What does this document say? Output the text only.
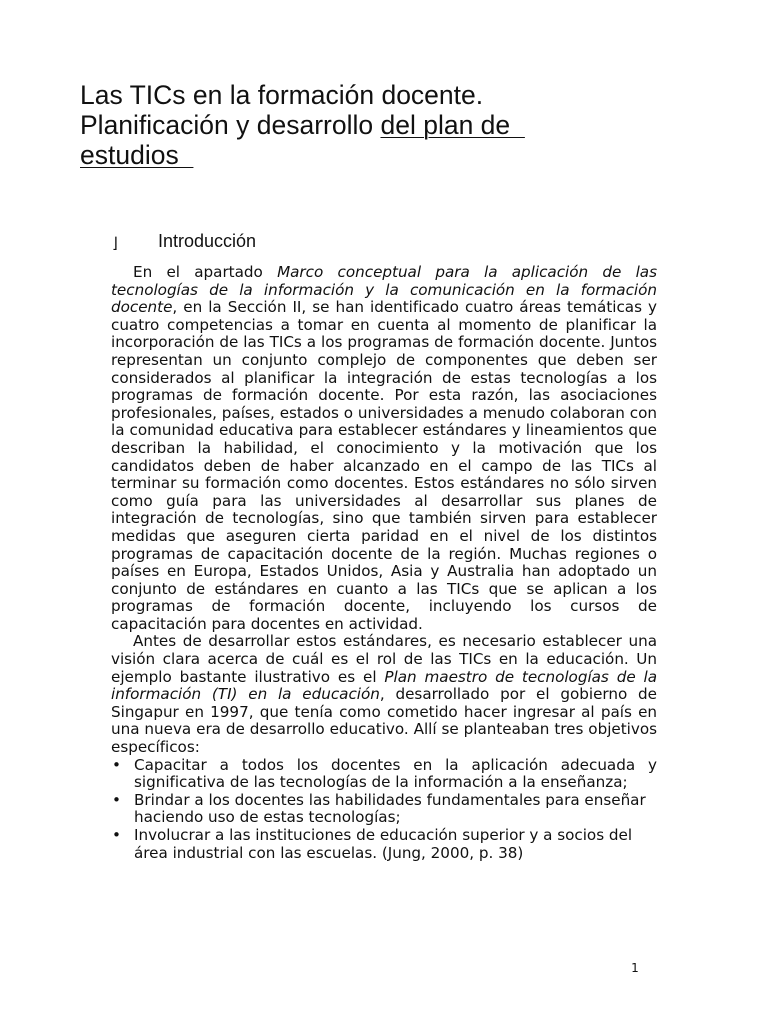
Las TICs en la formación docente.
Planificación y desarrollo del plan de
estudios
⌋ Introducción

En el apartado Marco conceptual para la aplicación de las tecnologías de la información y la comunicación en la formación docente, en la Sección II, se han identificado cuatro áreas temáticas y cuatro competencias a tomar en cuenta al momento de planificar la incorporación de las TICs a los programas de formación docente. Juntos representan un conjunto complejo de componentes que deben ser considerados al planificar la integración de estas tecnologías a los programas de formación docente. Por esta razón, las asociaciones profesionales, países, estados o universidades a menudo colaboran con la comunidad educativa para establecer estándares y lineamientos que describan la habilidad, el conocimiento y la motivación que los candidatos deben de haber alcanzado en el campo de las TICs al terminar su formación como docentes. Estos estándares no sólo sirven como guía para las universidades al desarrollar sus planes de integración de tecnologías, sino que también sirven para establecer medidas que aseguren cierta paridad en el nivel de los distintos programas de capacitación docente de la región. Muchas regiones o países en Europa, Estados Unidos, Asia y Australia han adoptado un conjunto de estándares en cuanto a las TICs que se aplican a los programas de formación docente, incluyendo los cursos de capacitación para docentes en actividad.

Antes de desarrollar estos estándares, es necesario establecer una visión clara acerca de cuál es el rol de las TICs en la educación. Un ejemplo bastante ilustrativo es el Plan maestro de tecnologías de la información (TI) en la educación, desarrollado por el gobierno de Singapur en 1997, que tenía como cometido hacer ingresar al país en una nueva era de desarrollo educativo. Allí se planteaban tres objetivos específicos:

• Capacitar a todos los docentes en la aplicación adecuada y significativa de las tecnologías de la información a la enseñanza;
• Brindar a los docentes las habilidades fundamentales para enseñar haciendo uso de estas tecnologías;
• Involucrar a las instituciones de educación superior y a socios del área industrial con las escuelas. (Jung, 2000, p. 38)
1
